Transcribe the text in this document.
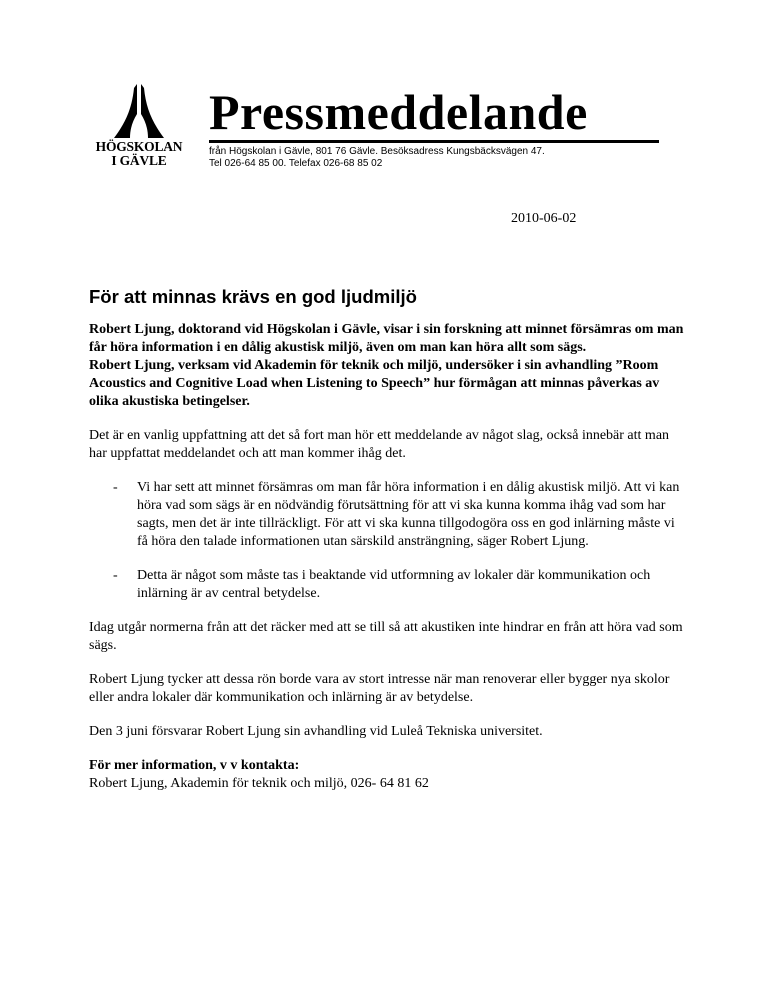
HÖGSKOLAN
I GÄVLE
Pressmeddelande
från Högskolan i Gävle, 801 76 Gävle. Besöksadress Kungsbäcksvägen 47.
Tel 026-64 85 00. Telefax 026-68 85 02
2010-06-02
För att minnas krävs en god ljudmiljö
Robert Ljung, doktorand vid Högskolan i Gävle, visar i sin forskning att minnet försämras om man får höra information i en dålig akustisk miljö, även om man kan höra allt som sägs.
Robert Ljung, verksam vid Akademin för teknik och miljö, undersöker i sin avhandling ”Room Acoustics and Cognitive Load when Listening to Speech” hur förmågan att minnas påverkas av olika akustiska betingelser.

Det är en vanlig uppfattning att det så fort man hör ett meddelande av något slag, också innebär att man har uppfattat meddelandet och att man kommer ihåg det.

- Vi har sett att minnet försämras om man får höra information i en dålig akustisk miljö. Att vi kan höra vad som sägs är en nödvändig förutsättning för att vi ska kunna komma ihåg vad som har sagts, men det är inte tillräckligt. För att vi ska kunna tillgodogöra oss en god inlärning måste vi få höra den talade informationen utan särskild ansträngning, säger Robert Ljung.
- Detta är något som måste tas i beaktande vid utformning av lokaler där kommunikation och inlärning är av central betydelse.

Idag utgår normerna från att det räcker med att se till så att akustiken inte hindrar en från att höra vad som sägs.

Robert Ljung tycker att dessa rön borde vara av stort intresse när man renoverar eller bygger nya skolor eller andra lokaler där kommunikation och inlärning är av betydelse.

Den 3 juni försvarar Robert Ljung sin avhandling vid Luleå Tekniska universitet.

För mer information, v v kontakta:
Robert Ljung, Akademin för teknik och miljö, 026- 64 81 62
